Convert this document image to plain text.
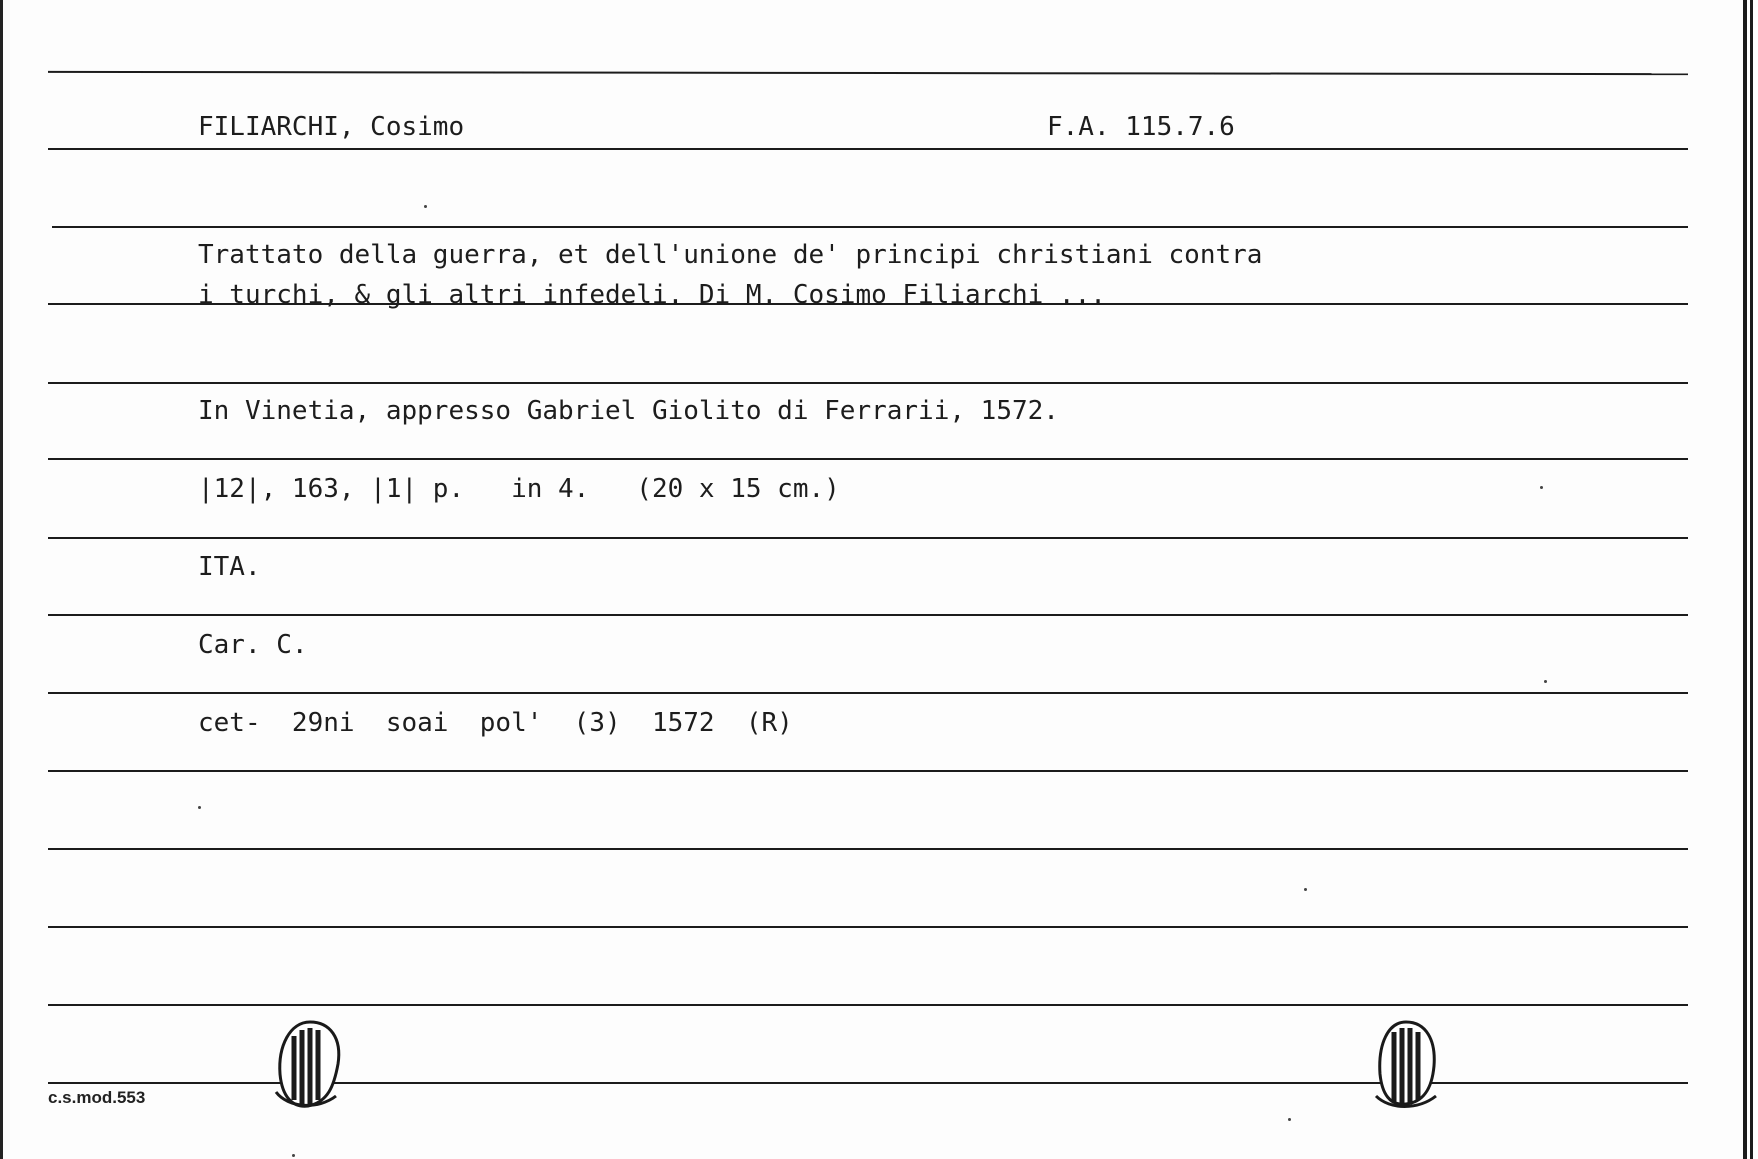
FILIARCHI, Cosimo	F.A. 115.7.6
Trattato della guerra, et dell'unione de' principi christiani contra
i turchi, & gli altri infedeli. Di M. Cosimo Filiarchi ...
In Vinetia, appresso Gabriel Giolito di Ferrarii, 1572.
|12|, 163, |1| p.   in 4.   (20 x 15 cm.)
ITA.
Car. C.
cet-  29ni  soai  pol'  (3)  1572  (R)
c.s.mod.553
